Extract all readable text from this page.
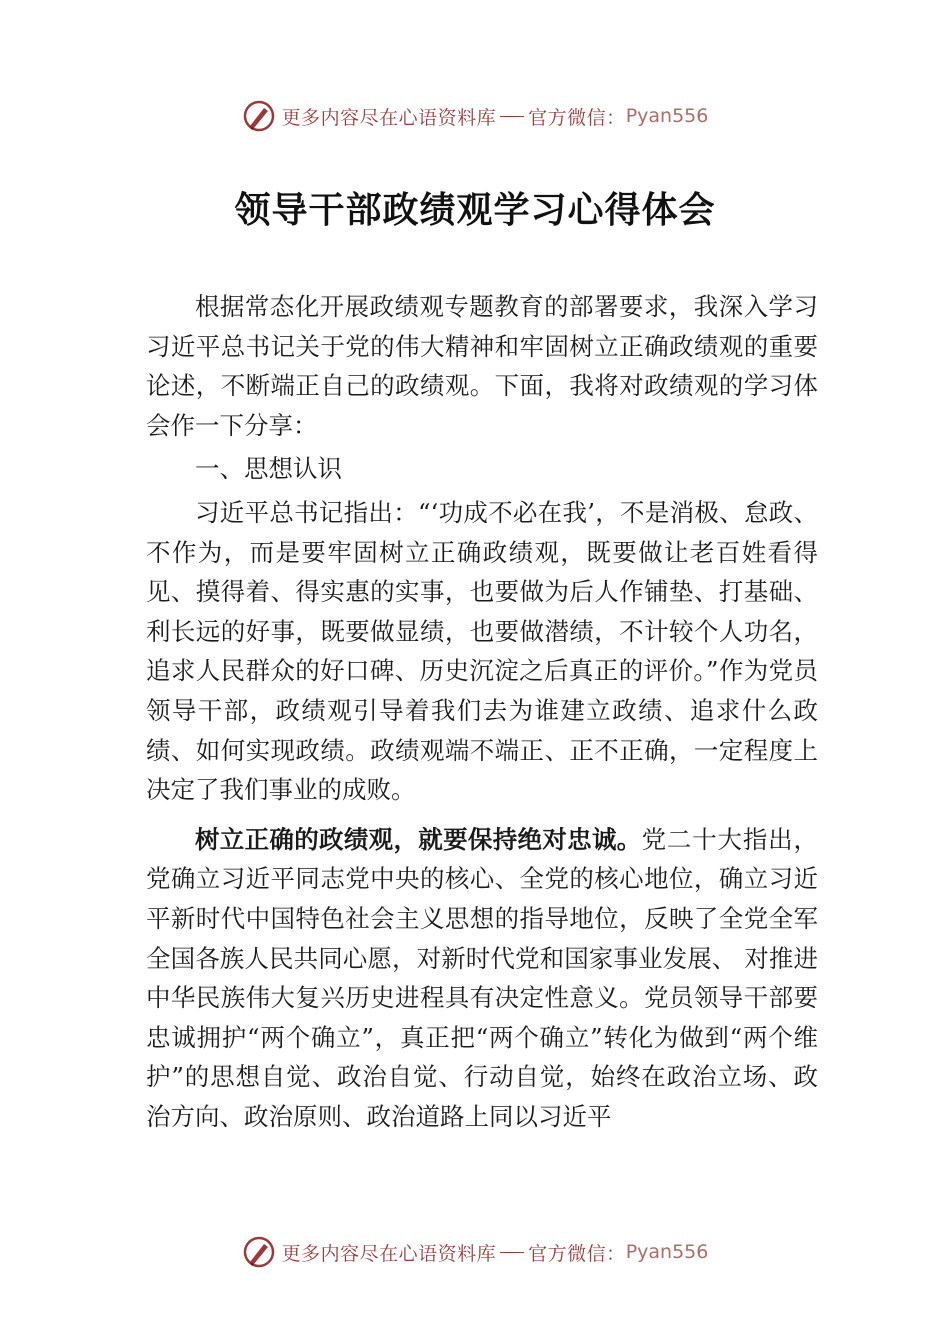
更多内容尽在心语资料库 官方微信： Pyan556
领导干部政绩观学习心得体会

根据常态化开展政绩观专题教育的部署要求，我深入学习习近平总书记关于党的伟大精神和牢固树立正确政绩观的重要论述，不断端正自己的政绩观。下面，我将对政绩观的学习体会作一下分享：

一、思想认识

习近平总书记指出：“‘功成不必在我’，不是消极、怠政、不作为，而是要牢固树立正确政绩观，既要做让老百姓看得见、摸得着、得实惠的实事，也要做为后人作铺垫、打基础、利长远的好事，既要做显绩，也要做潜绩，不计较个人功名， 追求人民群众的好口碑、历史沉淀之后真正的评价。”作为党员领导干部，政绩观引导着我们去为谁建立政绩、追求什么政绩、如何实现政绩。政绩观端不端正、正不正确，一定程度上决定了我们事业的成败。

树立正确的政绩观，就要保持绝对忠诚。党二十大指出，党确立习近平同志党中央的核心、全党的核心地位，确立习近平新时代中国特色社会主义思想的指导地位，反映了全党全军全国各族人民共同心愿，对新时代党和国家事业发展、 对推进中华民族伟大复兴历史进程具有决定性意义。党员领导干部要忠诚拥护“两个确立”，真正把“两个确立”转化为做到“两个维护”的思想自觉、政治自觉、行动自觉，始终在政治立场、政治方向、政治原则、政治道路上同以习近平

更多内容尽在心语资料库 官方微信： Pyan556
